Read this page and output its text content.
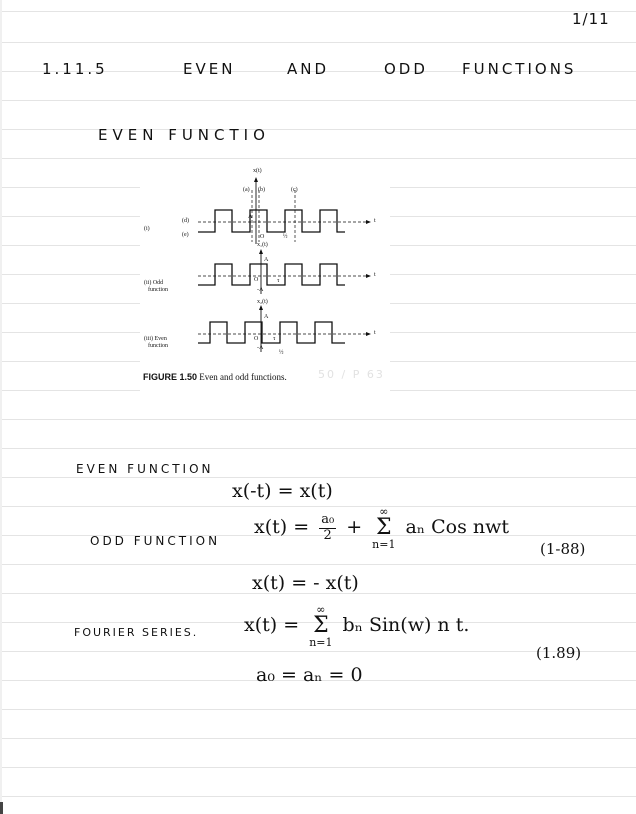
1/11
1.11.5	EVEN	AND	ODD FUNCTIONS
EVEN FUNCTIO
x(t)
(a) (b)	(c)
(i)
(d)
(e)
A
O	½
t
x₁(t)
(ii) Odd
function
A
O
-A
τ
t
x₂(t)
(iii) Even
function
A
O
-A
τ
½
t
FIGURE 1.50 Even and odd functions.	50 / P 63
EVEN FUNCTION
x(-t) = x(t)
$x(t) = \frac{\text{a₀}}{2}$ +
∞
Σ
n=1
aₙ Cos nwt
(1-88)
ODD FUNCTION
x(t) = - x(t)
FOURIER SERIES. x(t) =
∞
Σ
n=1
bₙ Sin(w) n t.
(1.89)
a₀ = aₙ = 0
